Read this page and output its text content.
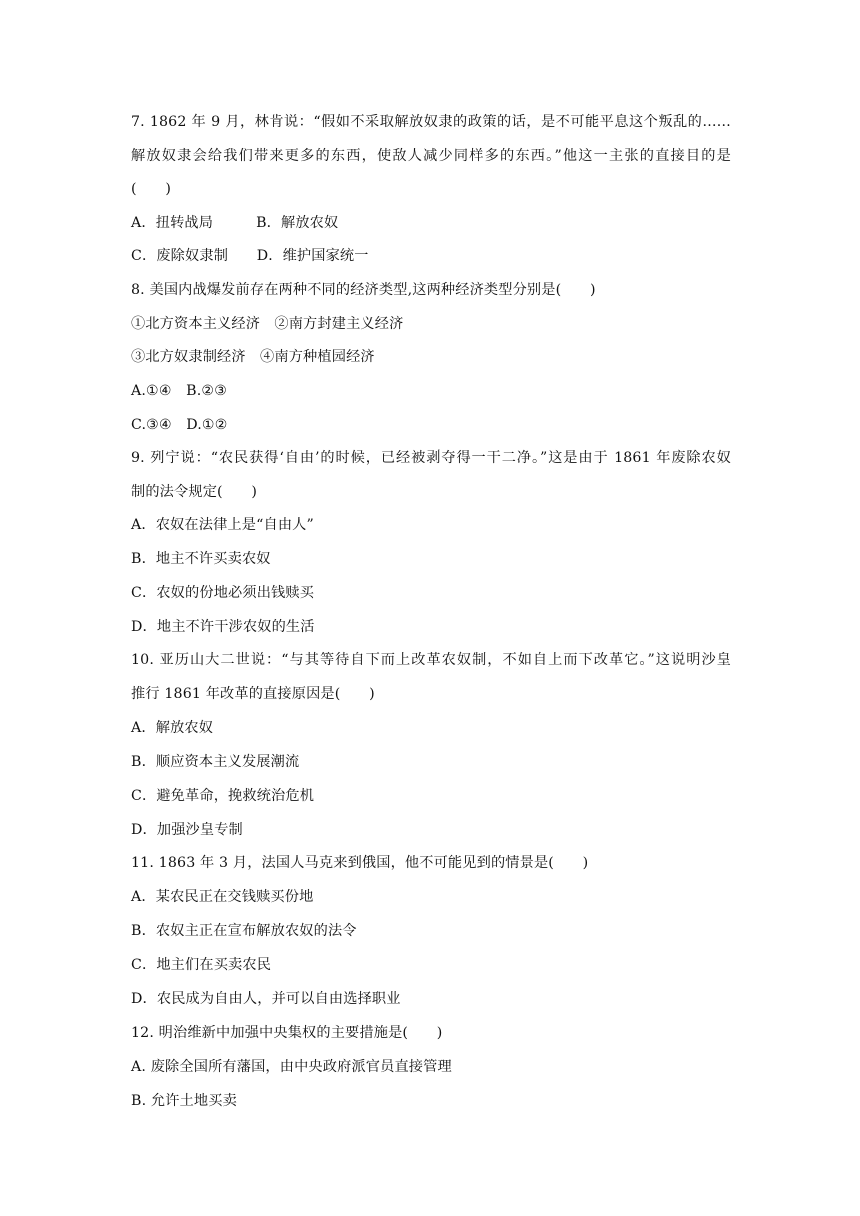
7. 1862 年 9 月，林肯说：“假如不采取解放奴隶的政策的话，是不可能平息这个叛乱的……
解放奴隶会给我们带来更多的东西，使敌人减少同样多的东西。”他这一主张的直接目的是
(　　)
A．扭转战局　　　B．解放农奴
C．废除奴隶制　　D．维护国家统一
8. 美国内战爆发前存在两种不同的经济类型,这两种经济类型分别是(　　)
①北方资本主义经济　②南方封建主义经济
③北方奴隶制经济　④南方种植园经济
A.①④　B.②③
C.③④　D.①②
9. 列宁说：“农民获得‘自由’的时候，已经被剥夺得一干二净。”这是由于 1861 年废除农奴
制的法令规定(　　)
A．农奴在法律上是“自由人”
B．地主不许买卖农奴
C．农奴的份地必须出钱赎买
D．地主不许干涉农奴的生活
10. 亚历山大二世说：“与其等待自下而上改革农奴制，不如自上而下改革它。”这说明沙皇
推行 1861 年改革的直接原因是(　　)
A．解放农奴
B．顺应资本主义发展潮流
C．避免革命，挽救统治危机
D．加强沙皇专制
11. 1863 年 3 月，法国人马克来到俄国，他不可能见到的情景是(　　)
A．某农民正在交钱赎买份地
B．农奴主正在宣布解放农奴的法令
C．地主们在买卖农民
D．农民成为自由人，并可以自由选择职业
12. 明治维新中加强中央集权的主要措施是(　　)
A. 废除全国所有藩国，由中央政府派官员直接管理
B. 允许土地买卖
